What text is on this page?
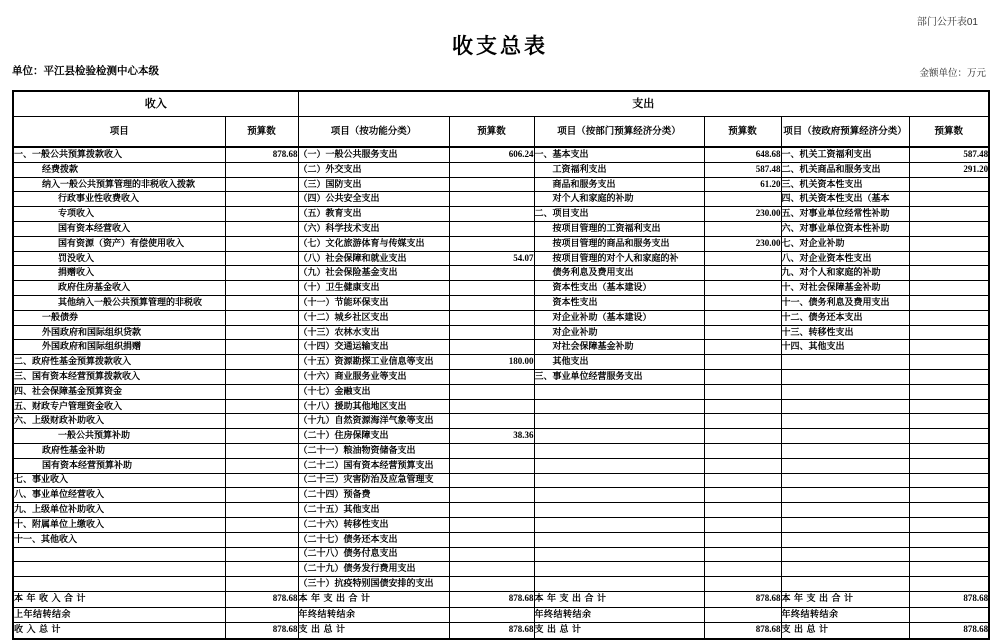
部门公开表01
收支总表
单位：平江县检验检测中心本级	金额单位：万元
收入		支出					
项目	预算数	项目（按功能分类）	预算数	项目（按部门预算经济分类）	预算数	项目（按政府预算经济分类）	预算数
一、一般公共预算拨款收入	878.68	（一）一般公共服务支出	606.24	一、基本支出	648.68	一、机关工资福利支出	587.48
经费拨款		（二）外交支出		工资福利支出	587.48	二、机关商品和服务支出	291.20
纳入一般公共预算管理的非税收入拨款		（三）国防支出		商品和服务支出	61.20	三、机关资本性支出	
行政事业性收费收入		（四）公共安全支出		对个人和家庭的补助		四、机关资本性支出（基本	
专项收入		（五）教育支出		二、项目支出	230.00	五、对事业单位经常性补助	
国有资本经营收入		（六）科学技术支出		按项目管理的工资福利支出		六、对事业单位资本性补助	
国有资源（资产）有偿使用收入		（七）文化旅游体育与传媒支出		按项目管理的商品和服务支出	230.00	七、对企业补助	
罚没收入		（八）社会保障和就业支出	54.07	按项目管理的对个人和家庭的补		八、对企业资本性支出	
捐赠收入		（九）社会保险基金支出		债务利息及费用支出		九、对个人和家庭的补助	
政府住房基金收入		（十）卫生健康支出		资本性支出（基本建设）		十、对社会保障基金补助	
其他纳入一般公共预算管理的非税收		（十一）节能环保支出		资本性支出		十一、债务利息及费用支出	
一般债券		（十二）城乡社区支出		对企业补助（基本建设）		十二、债务还本支出	
外国政府和国际组织贷款		（十三）农林水支出		对企业补助		十三、转移性支出	
外国政府和国际组织捐赠		（十四）交通运输支出		对社会保障基金补助		十四、其他支出	
二、政府性基金预算拨款收入		（十五）资源勘探工业信息等支出	180.00	其他支出			
三、国有资本经营预算拨款收入		（十六）商业服务业等支出		三、事业单位经营服务支出			
四、社会保障基金预算资金		（十七）金融支出					
五、财政专户管理资金收入		（十八）援助其他地区支出					
六、上级财政补助收入		（十九）自然资源海洋气象等支出					
一般公共预算补助		（二十）住房保障支出	38.36				
政府性基金补助		（二十一）粮油物资储备支出					
国有资本经营预算补助		（二十二）国有资本经营预算支出					
七、事业收入		（二十三）灾害防治及应急管理支					
八、事业单位经营收入		（二十四）预备费					
九、上级单位补助收入		（二十五）其他支出					
十、附属单位上缴收入		（二十六）转移性支出					
十一、其他收入		（二十七）债务还本支出					
		（二十八）债务付息支出					
		（二十九）债务发行费用支出					
		（三十）抗疫特别国债安排的支出					
本 年 收 入 合 计	878.68	本 年 支 出 合 计	878.68	本 年 支 出 合 计	878.68	本 年 支 出 合 计	878.68
上年结转结余		年终结转结余		年终结转结余		年终结转结余	
收 入 总 计	878.68	支 出 总 计	878.68	支 出 总 计	878.68	支 出 总 计	878.68
